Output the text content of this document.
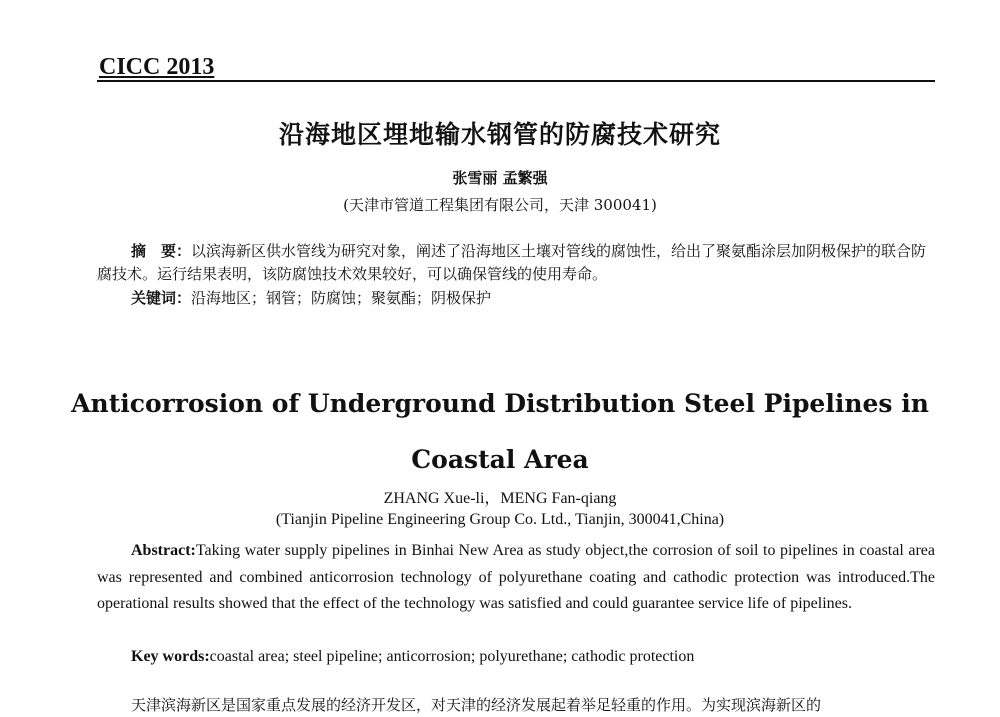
CICC 2013
沿海地区埋地输水钢管的防腐技术研究
张雪丽 孟繁强
(天津市管道工程集团有限公司，天津 300041)
摘　要：以滨海新区供水管线为研究对象，阐述了沿海地区土壤对管线的腐蚀性，给出了聚氨酯涂层加阴极保护的联合防腐技术。运行结果表明，该防腐蚀技术效果较好，可以确保管线的使用寿命。
关键词：沿海地区；钢管；防腐蚀；聚氨酯；阴极保护
Anticorrosion of Underground Distribution Steel Pipelines in
Coastal Area
ZHANG Xue-li，MENG Fan-qiang
(Tianjin Pipeline Engineering Group Co. Ltd., Tianjin, 300041,China)
Abstract:Taking water supply pipelines in Binhai New Area as study object,the corrosion of soil to pipelines in coastal area was represented and combined anticorrosion technology of polyurethane coating and cathodic protection was introduced.The operational results showed that the effect of the technology was satisfied and could guarantee service life of pipelines.
Key words:coastal area; steel pipeline; anticorrosion; polyurethane; cathodic protection
天津滨海新区是国家重点发展的经济开发区，对天津的经济发展起着举足轻重的作用。为实现滨海新区的
